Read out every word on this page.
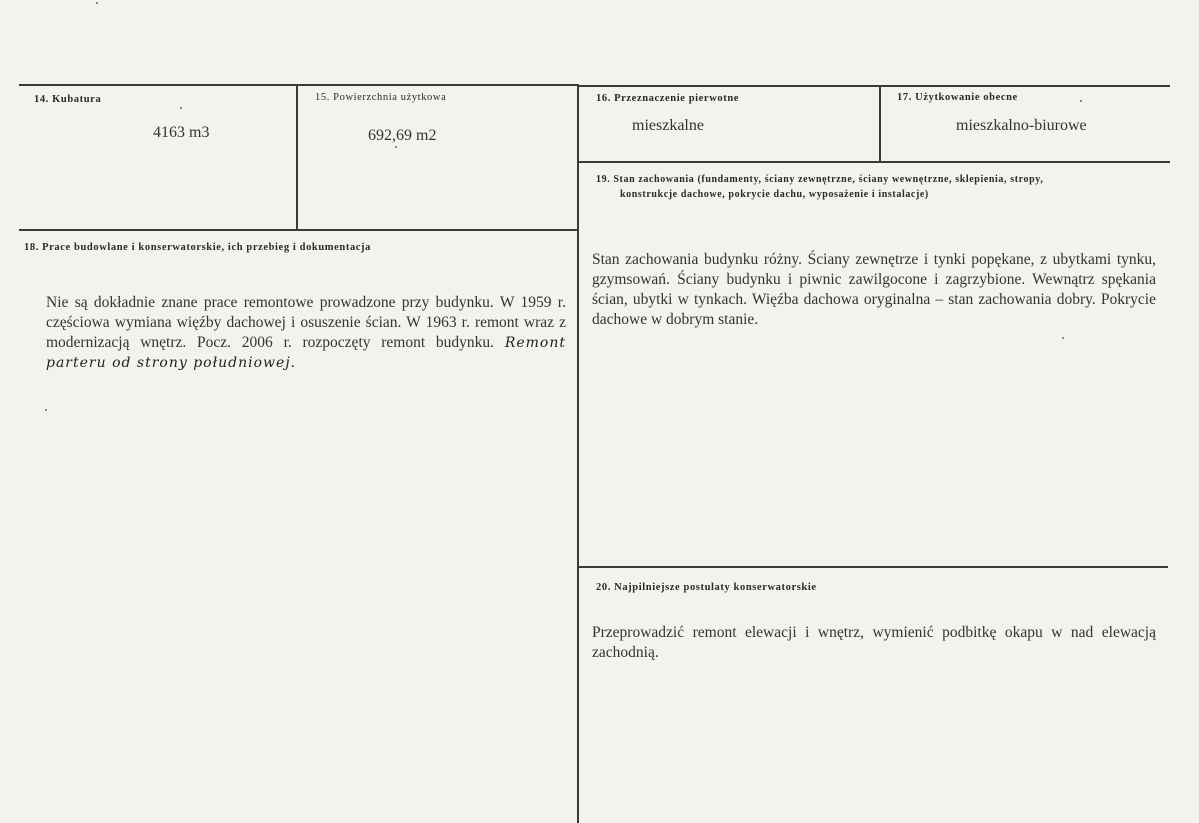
14. Kubatura
4163 m3
15. Powierzchnia użytkowa
692,69 m2
16. Przeznaczenie pierwotne
mieszkalne
17. Użytkowanie obecne
mieszkalno-biurowe
19. Stan zachowania (fundamenty, ściany zewnętrzne, ściany wewnętrzne, sklepienia, stropy,
konstrukcje dachowe, pokrycie dachu, wyposażenie i instalacje)
Stan zachowania budynku różny. Ściany zewnętrze i tynki popękane, z ubytkami tynku, gzymsowań. Ściany budynku i piwnic zawilgocone i zagrzybione. Wewnątrz spękania ścian, ubytki w tynkach. Więźba dachowa oryginalna – stan zachowania dobry. Pokrycie dachowe w dobrym stanie.
18. Prace budowlane i konserwatorskie, ich przebieg i dokumentacja
Nie są dokładnie znane prace remontowe prowadzone przy budynku. W 1959 r. częściowa wymiana więźby dachowej i osuszenie ścian. W 1963 r. remont wraz z modernizacją wnętrz. Pocz. 2006 r. rozpoczęty remont budynku. Remont parteru od strony południowej.
20. Najpilniejsze postulaty konserwatorskie
Przeprowadzić remont elewacji i wnętrz, wymienić podbitkę okapu w nad elewacją zachodnią.
